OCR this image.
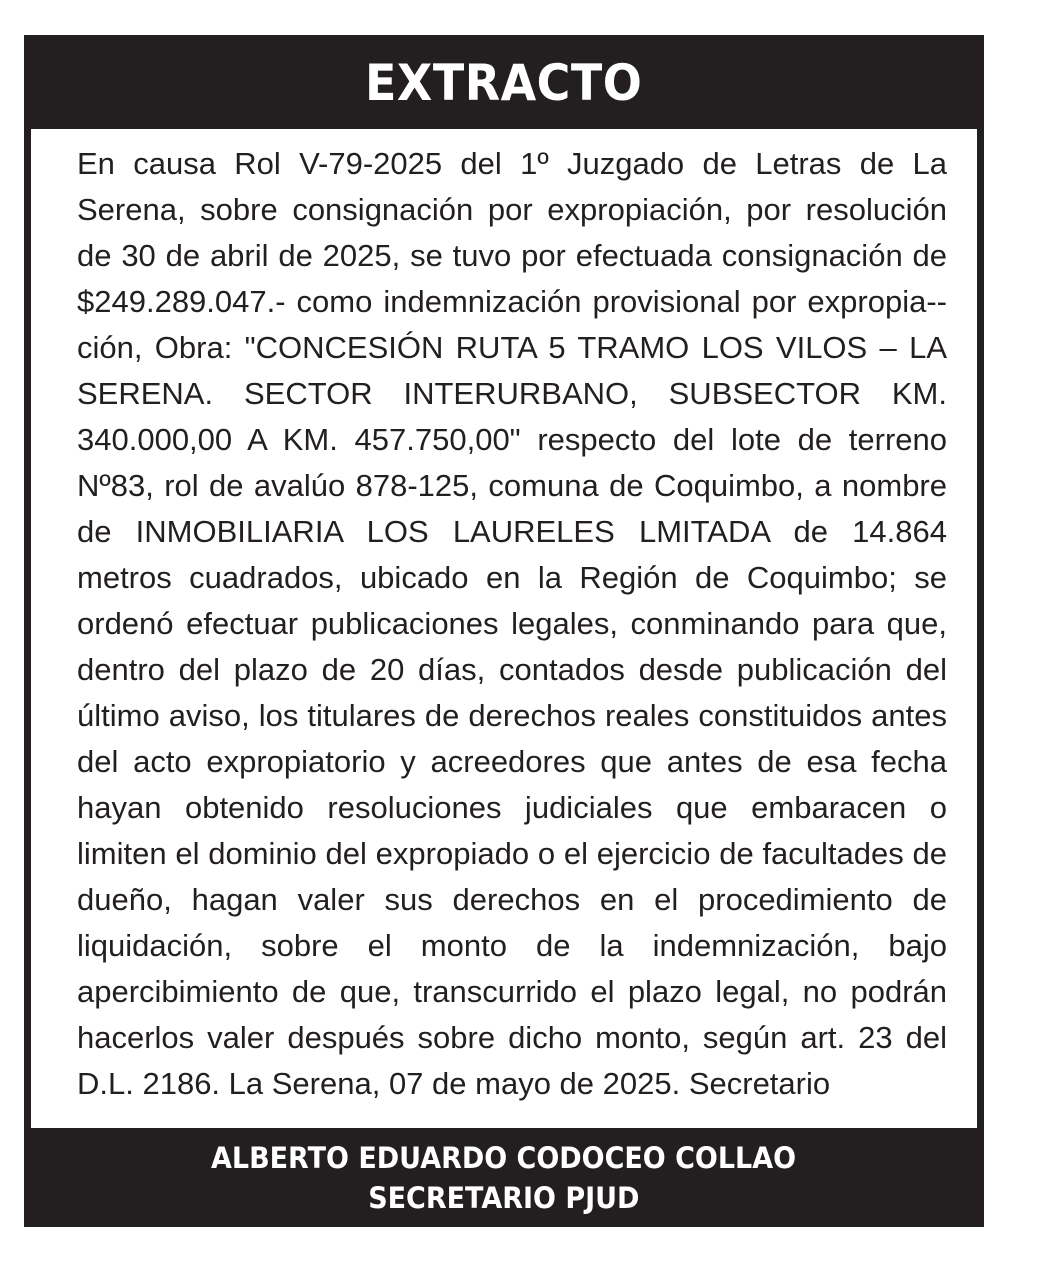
EXTRACTO

En causa Rol V-79-2025 del 1º Juzgado de Letras de La Serena, sobre consignación por expropiación, por resolución de 30 de abril de 2025, se tuvo por efectuada consignación de $249.289.047.- como indemnización provisional por expropia-ción, Obra: "CONCESIÓN RUTA 5 TRAMO LOS VILOS – LA SERENA. SECTOR INTERURBANO, SUBSECTOR KM. 340.000,00 A KM. 457.750,00" respecto del lote de terreno Nº83, rol de avalúo 878-125, comuna de Coquimbo, a nombre de INMOBILIARIA LOS LAURELES LMITADA de 14.864 metros cuadrados, ubicado en la Región de Coquimbo; se ordenó efectuar publicaciones legales, conminando para que, dentro del plazo de 20 días, contados desde publicación del último aviso, los titulares de derechos reales constituidos antes del acto expropiatorio y acreedores que antes de esa fecha hayan obtenido resoluciones judiciales que embaracen o limiten el dominio del expropiado o el ejercicio de facultades de dueño, hagan valer sus derechos en el procedimiento de liquidación, sobre el monto de la indemnización, bajo apercibimiento de que, transcurrido el plazo legal, no podrán hacerlos valer después sobre dicho monto, según art. 23 del D.L. 2186. La Serena, 07 de mayo de 2025. Secretario

ALBERTO EDUARDO CODOCEO COLLAO
SECRETARIO PJUD
